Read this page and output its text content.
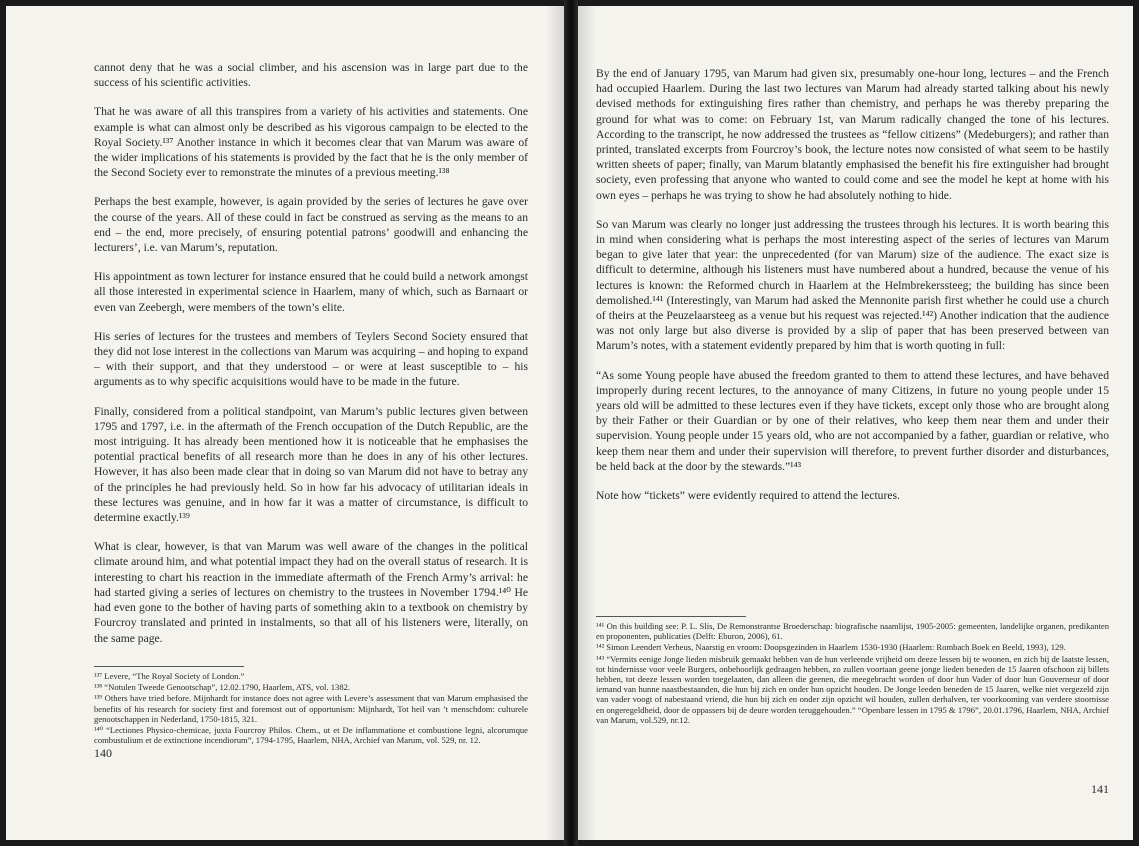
cannot deny that he was a social climber, and his ascension was in large part due to the success of his scientific activities.

That he was aware of all this transpires from a variety of his activities and statements. One example is what can almost only be described as his vigorous campaign to be elected to the Royal Society.¹³⁷ Another instance in which it becomes clear that van Marum was aware of the wider implications of his statements is provided by the fact that he is the only member of the Second Society ever to remonstrate the minutes of a previous meeting.¹³⁸

Perhaps the best example, however, is again provided by the series of lectures he gave over the course of the years. All of these could in fact be construed as serving as the means to an end – the end, more precisely, of ensuring potential patrons’ goodwill and enhancing the lecturers’, i.e. van Marum’s, reputation.

His appointment as town lecturer for instance ensured that he could build a network amongst all those interested in experimental science in Haarlem, many of which, such as Barnaart or even van Zeebergh, were members of the town’s elite.

His series of lectures for the trustees and members of Teylers Second Society ensured that they did not lose interest in the collections van Marum was acquiring – and hoping to expand – with their support, and that they understood – or were at least susceptible to – his arguments as to why specific acquisitions would have to be made in the future.

Finally, considered from a political standpoint, van Marum’s public lectures given between 1795 and 1797, i.e. in the aftermath of the French occupation of the Dutch Republic, are the most intriguing. It has already been mentioned how it is noticeable that he emphasises the potential practical benefits of all research more than he does in any of his other lectures. However, it has also been made clear that in doing so van Marum did not have to betray any of the principles he had previously held. So in how far his advocacy of utilitarian ideals in these lectures was genuine, and in how far it was a matter of circumstance, is difficult to determine exactly.¹³⁹

What is clear, however, is that van Marum was well aware of the changes in the political climate around him, and what potential impact they had on the overall status of research. It is interesting to chart his reaction in the immediate aftermath of the French Army’s arrival: he had started giving a series of lectures on chemistry to the trustees in November 1794.¹⁴⁰ He had even gone to the bother of having parts of something akin to a textbook on chemistry by Fourcroy translated and printed in instalments, so that all of his listeners were, literally, on the same page.

¹³⁷ Levere, “The Royal Society of London.”

¹³⁸ “Notulen Tweede Genootschap”, 12.02.1790, Haarlem, ATS, vol. 1382.

¹³⁹ Others have tried before. Mijnhardt for instance does not agree with Levere’s assessment that van Marum emphasised the benefits of his research for society first and foremost out of opportunism: Mijnhardt, Tot heil van ’t menschdom: culturele genootschappen in Nederland, 1750-1815, 321.

¹⁴⁰ “Lectiones Physico-chemicae, juxta Fourcroy Philos. Chem., ut et De inflammatione et combustione legni, alcorumque combustulium et de extinctione incendiorum”, 1794-1795, Haarlem, NHA, Archief van Marum, vol. 529, nr. 12.

140

By the end of January 1795, van Marum had given six, presumably one-hour long, lectures – and the French had occupied Haarlem. During the last two lectures van Marum had already started talking about his newly devised methods for extinguishing fires rather than chemistry, and perhaps he was thereby preparing the ground for what was to come: on February 1st, van Marum radically changed the tone of his lectures. According to the transcript, he now addressed the trustees as “fellow citizens” (Medeburgers); and rather than printed, translated excerpts from Fourcroy’s book, the lecture notes now consisted of what seem to be hastily written sheets of paper; finally, van Marum blatantly emphasised the benefit his fire extinguisher had brought society, even professing that anyone who wanted to could come and see the model he kept at home with his own eyes – perhaps he was trying to show he had absolutely nothing to hide.

So van Marum was clearly no longer just addressing the trustees through his lectures. It is worth bearing this in mind when considering what is perhaps the most interesting aspect of the series of lectures van Marum began to give later that year: the unprecedented (for van Marum) size of the audience. The exact size is difficult to determine, although his listeners must have numbered about a hundred, because the venue of his lectures is known: the Reformed church in Haarlem at the Helmbrekerssteeg; the building has since been demolished.¹⁴¹ (Interestingly, van Marum had asked the Mennonite parish first whether he could use a church of theirs at the Peuzelaarsteeg as a venue but his request was rejected.¹⁴²) Another indication that the audience was not only large but also diverse is provided by a slip of paper that has been preserved between van Marum’s notes, with a statement evidently prepared by him that is worth quoting in full:

“As some Young people have abused the freedom granted to them to attend these lectures, and have behaved improperly during recent lectures, to the annoyance of many Citizens, in future no young people under 15 years old will be admitted to these lectures even if they have tickets, except only those who are brought along by their Father or their Guardian or by one of their relatives, who keep them near them and under their supervision. Young people under 15 years old, who are not accompanied by a father, guardian or relative, who keep them near them and under their supervision will therefore, to prevent further disorder and disturbances, be held back at the door by the stewards.”¹⁴³

Note how “tickets” were evidently required to attend the lectures.

¹⁴¹ On this building see: P. L. Slis, De Remonstrantse Broederschap: biografische naamlijst, 1905-2005: gemeenten, landelijke organen, predikanten en proponenten, publicaties (Delft: Eburon, 2006), 61.

¹⁴² Simon Leendert Verheus, Naarstig en vroom: Doopsgezinden in Haarlem 1530-1930 (Haarlem: Rombach Boek en Beeld, 1993), 129.

¹⁴³ “Vermits eenige Jonge lieden misbruik gemaakt hebben van de hun verleende vrijheid om deeze lessen bij te woonen, en zich bij de laatste lessen, tot hindernisse voor veele Burgers, onbehoorlijk gedraagen hebben, zo zullen voortaan geene jonge lieden beneden de 15 Jaaren ofschoon zij billets hebben, tot deeze lessen worden toegelaaten, dan alleen die geenen, die meegebracht worden of door hun Vader of door hun Gouverneur of door iemand van hunne naastbestaanden, die hun bij zich en onder hun opzicht houden. De Jonge leeden beneden de 15 Jaaren, welke niet vergezeld zijn van vader voogt of nabestaand vriend, die hun bij zich en onder zijn opzicht wil houden, zullen derhalven, ter voorkooming van verdere stoornisse en ongeregeldheid, door de oppassers bij de deure worden teruggehouden.” “Openbare lessen in 1795 & 1796”, 20.01.1796, Haarlem, NHA, Archief van Marum, vol.529, nr.12.

141
